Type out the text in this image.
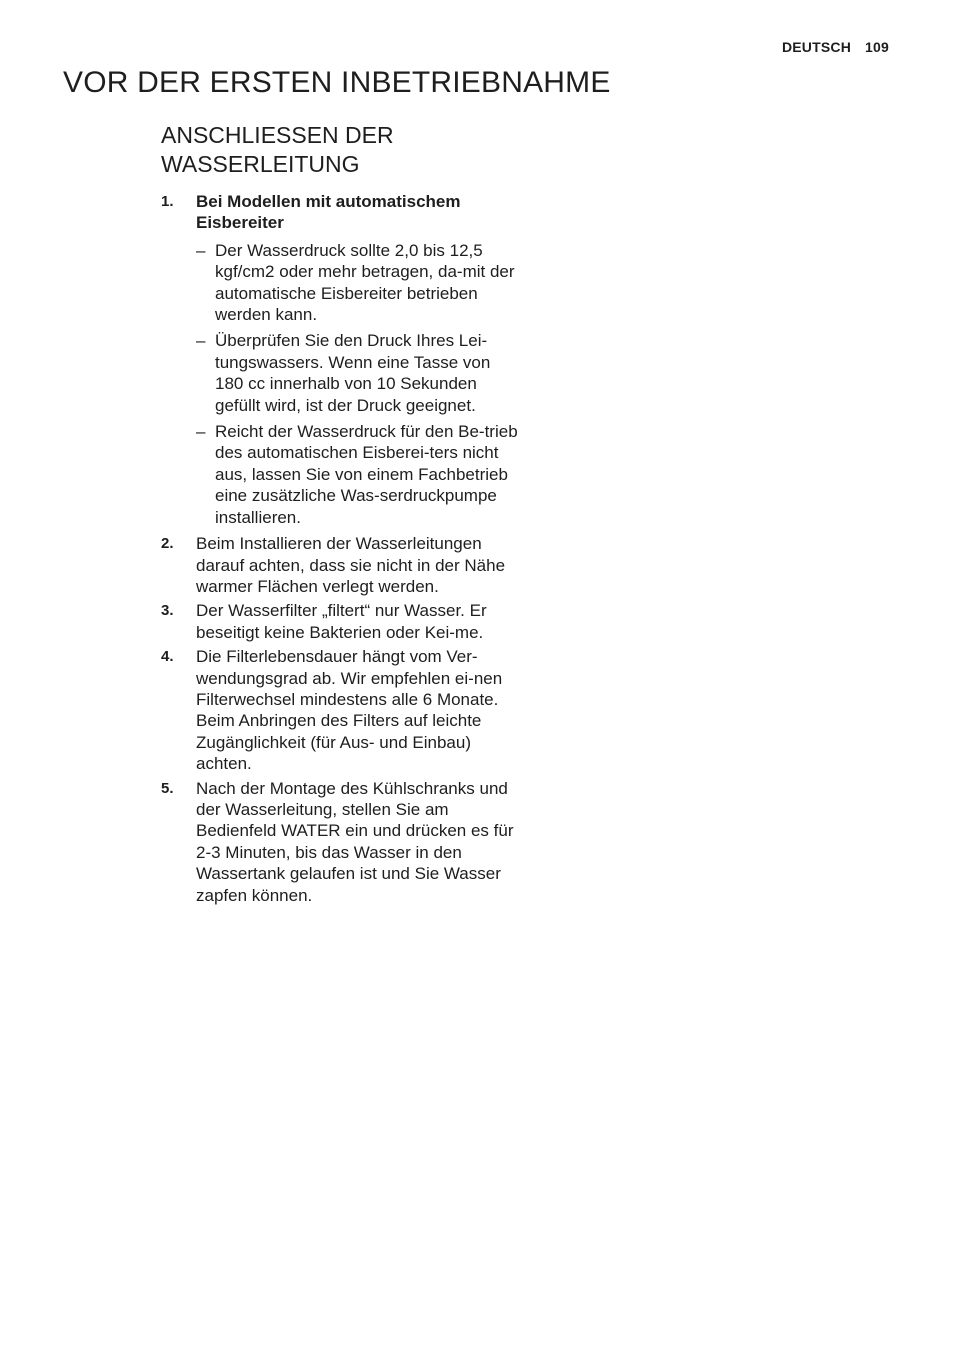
DEUTSCH 109
VOR DER ERSTEN INBETRIEBNAHME
ANSCHLIESSEN DER
WASSERLEITUNG
1. Bei Modellen mit automatischem Eisbereiter
– Der Wasserdruck sollte 2,0 bis 12,5 kgf/cm2 oder mehr betragen, da-mit der automatische Eisbereiter betrieben werden kann.
– Überprüfen Sie den Druck Ihres Lei-tungswassers. Wenn eine Tasse von 180 cc innerhalb von 10 Sekunden gefüllt wird, ist der Druck geeignet.
– Reicht der Wasserdruck für den Be-trieb des automatischen Eisberei-ters nicht aus, lassen Sie von einem Fachbetrieb eine zusätzliche Was-serdruckpumpe installieren.
2. Beim Installieren der Wasserleitungen darauf achten, dass sie nicht in der Nähe warmer Flächen verlegt werden.
3. Der Wasserfilter „filtert“ nur Wasser. Er beseitigt keine Bakterien oder Kei-me.
4. Die Filterlebensdauer hängt vom Ver-wendungsgrad ab. Wir empfehlen ei-nen Filterwechsel mindestens alle 6 Monate. Beim Anbringen des Filters auf leichte Zugänglichkeit (für Aus- und Einbau) achten.
5. Nach der Montage des Kühlschranks und der Wasserleitung, stellen Sie am Bedienfeld WATER ein und drücken es für 2-3 Minuten, bis das Wasser in den Wassertank gelaufen ist und Sie Wasser zapfen können.
